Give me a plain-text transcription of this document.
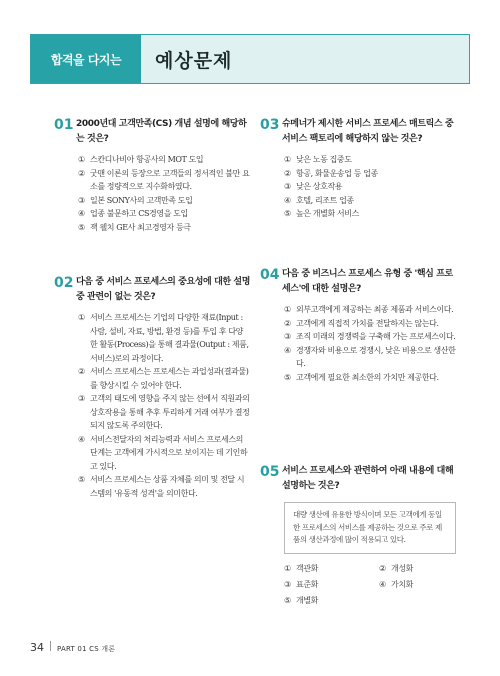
합격을 다지는	예상문제
01 2000년대 고객만족(CS) 개념 설명에 해당하는 것은?
① 스칸디나비아 항공사의 MOT 도입
② 굿맨 이론의 등장으로 고객들의 정서적인 불만 요소를 정량적으로 지수화하였다.
③ 일본 SONY사의 고객만족 도입
④ 업종 불문하고 CS경영을 도입
⑤ 잭 웰치 GE사 최고경영자 등극
02 다음 중 서비스 프로세스의 중요성에 대한 설명 중 관련이 없는 것은?
① 서비스 프로세스는 기업의 다양한 재료(Input : 사람, 설비, 자료, 방법, 환경 등)를 투입 후 다양한 활동(Process)을 통해 결과물(Output : 제품, 서비스)로의 과정이다.
② 서비스 프로세스는 프로세스는 과업성과(결과물)를 향상시킬 수 있어야 한다.
③ 고객의 태도에 영향을 주지 않는 선에서 직원과의 상호작용을 통해 추후 투리하게 거래 여부가 결정되지 않도록 주의한다.
④ 서비스전달자의 처리능력과 서비스 프로세스의 단계는 고객에게 가시적으로 보이지는 데 기인하고 있다.
⑤ 서비스 프로세스는 상품 자체를 의미 및 전달 시스템의 '유동적 성격'을 의미한다.
03 슈메너가 제시한 서비스 프로세스 매트릭스 중 서비스 팩토리에 해당하지 않는 것은?
① 낮은 노동 집중도
② 항공, 화물운송업 등 업종
③ 낮은 상호작용
④ 호텔, 리조트 업종
⑤ 높은 개별화 서비스
04 다음 중 비즈니스 프로세스 유형 중 '핵심 프로세스'에 대한 설명은?
① 외부고객에게 제공하는 최종 제품과 서비스이다.
② 고객에게 직접적 가치를 전달하지는 않는다.
③ 조직 미래의 경쟁력을 구축해 가는 프로세스이다.
④ 경쟁자와 비용으로 경쟁시, 낮은 비용으로 생산한다.
⑤ 고객에게 필요한 최소한의 가치만 제공한다.
05 서비스 프로세스와 관련하여 아래 내용에 대해 설명하는 것은?
대량 생산에 유용한 방식이며 모든 고객에게 동일한 프로세스의 서비스를 제공하는 것으로 주로 제품의 생산과정에 많이 적용되고 있다.
① 객관화	② 개성화
③ 표준화	④ 가치화
⑤ 개별화
34 PART 01 CS 개론
